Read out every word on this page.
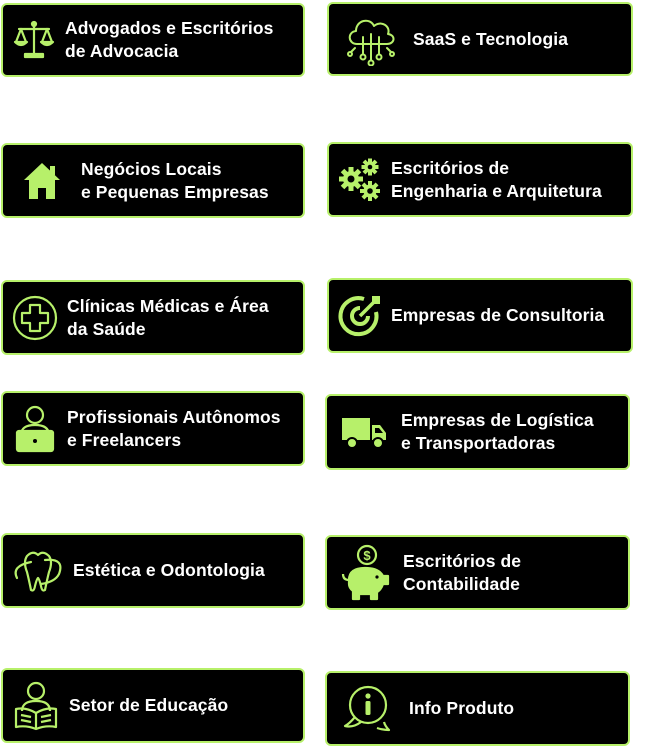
Advogados e Escritórios
de Advocacia
SaaS e Tecnologia
Negócios Locais
e Pequenas Empresas
Escritórios de
Engenharia e Arquitetura
Clínicas Médicas e Área
da Saúde
Empresas de Consultoria
Profissionais Autônomos
e Freelancers
Empresas de Logística
e Transportadoras
Estética e Odontologia
$ Escritórios de
Contabilidade
Setor de Educação	Info Produto
